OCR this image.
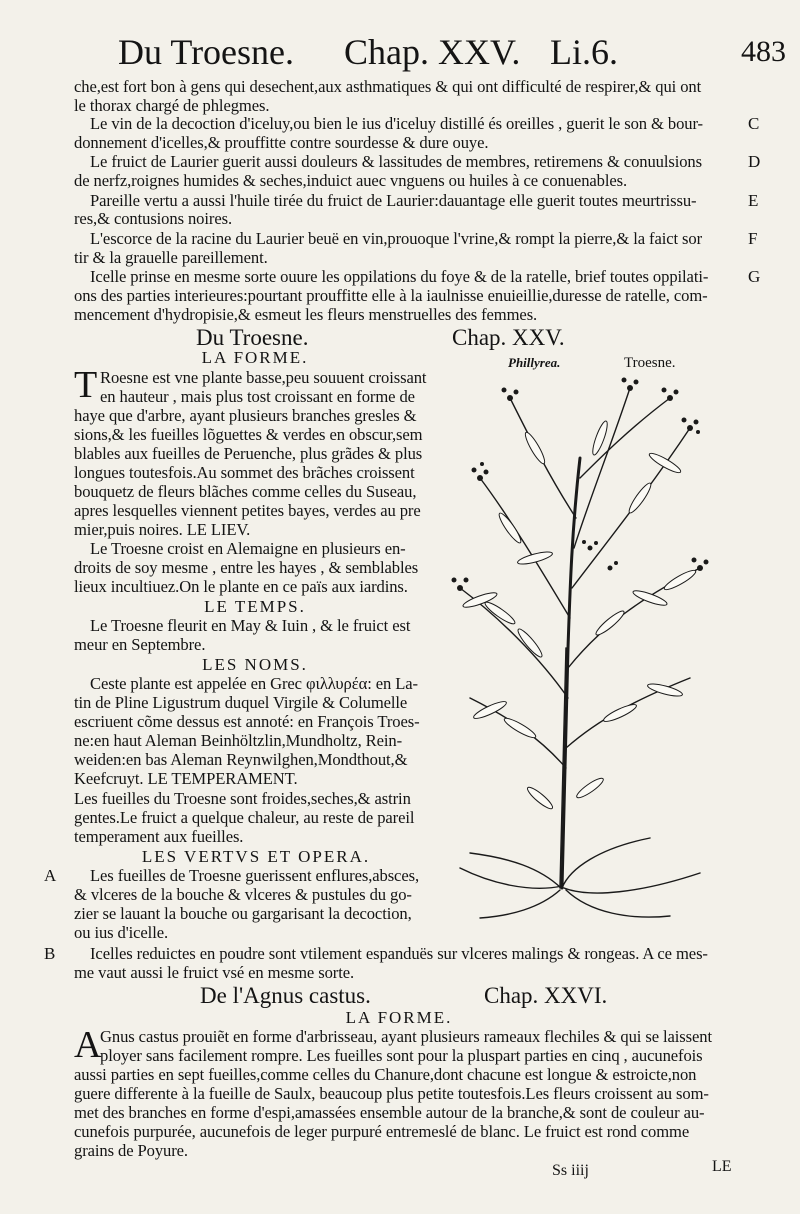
Du Troesne. Chap. XXV. Li.6.	483
che,est fort bon à gens qui desechent,aux asthmatiques & qui ont difficulté de respirer,& qui ont
le thorax chargé de phlegmes.
Le vin de la decoction d'iceluy,ou bien le ius d'iceluy distillé és oreilles , guerit le son & bour-
donnement d'icelles,& prouffitte contre sourdesse & dure ouye.
Le fruict de Laurier guerit aussi douleurs & lassitudes de membres, retiremens & conuulsions
de nerfz,roignes humides & seches,induict auec vnguens ou huiles à ce conuenables.
Pareille vertu a aussi l'huile tirée du fruict de Laurier:dauantage elle guerit toutes meurtrissu-
res,& contusions noires.
L'escorce de la racine du Laurier beuë en vin,prouoque l'vrine,& rompt la pierre,& la faict sor
tir & la grauelle pareillement.
Icelle prinse en mesme sorte ouure les oppilations du foye & de la ratelle, brief toutes oppilati-
ons des parties interieures:pourtant prouffitte elle à la iaulnisse enuieillie,duresse de ratelle, com-
mencement d'hydropisie,& esmeut les fleurs menstruelles des femmes.
C
D
E
F
G
Du Troesne.	Chap. XXV.
Phillyrea.	Troesne.
LA FORME.
T Roesne est vne plante basse,peu souuent croissant
en hauteur , mais plus tost croissant en forme de
haye que d'arbre, ayant plusieurs branches gresles &
sions,& les fueilles lõguettes & verdes en obscur,sem
blables aux fueilles de Peruenche, plus grãdes & plus
longues toutesfois.Au sommet des brãches croissent
bouquetz de fleurs blãches comme celles du Suseau,
apres lesquelles viennent petites bayes, verdes au pre
mier,puis noires. LE LIEV.
Le Troesne croist en Alemaigne en plusieurs en-
droits de soy mesme , entre les hayes , & semblables
lieux incultiuez.On le plante en ce païs aux iardins.
LE TEMPS.
Le Troesne fleurit en May & Iuin , & le fruict est
meur en Septembre.
LES NOMS.
Ceste plante est appelée en Grec φιλλυρέα: en La-
tin de Pline Ligustrum duquel Virgile & Columelle
escriuent cõme dessus est annoté: en François Troes-
ne:en haut Aleman Beinhöltzlin,Mundholtz, Rein-
weiden:en bas Aleman Reynwilghen,Mondthout,&
Keefcruyt. LE TEMPERAMENT.
Les fueilles du Troesne sont froides,seches,& astrin
gentes.Le fruict a quelque chaleur, au reste de pareil
temperament aux fueilles.
LES VERTVS ET OPERA.
A Les fueilles de Troesne guerissent enflures,absces,
& vlceres de la bouche & vlceres & pustules du go-
zier se lauant la bouche ou gargarisant la decoction,
ou ius d'icelle.
B Icelles reduictes en poudre sont vtilement espanduës sur vlceres malings & rongeas. A ce mes-
me vaut aussi le fruict vsé en mesme sorte.
De l'Agnus castus.	Chap. XXVI.
LA FORME.
A
Gnus castus prouiẽt en forme d'arbrisseau, ayant plusieurs rameaux flechiles & qui se laissent
ployer sans facilement rompre. Les fueilles sont pour la pluspart parties en cinq , aucunefois
aussi parties en sept fueilles,comme celles du Chanure,dont chacune est longue & estroicte,non
guere differente à la fueille de Saulx, beaucoup plus petite toutesfois.Les fleurs croissent au som-
met des branches en forme d'espi,amassées ensemble autour de la branche,& sont de couleur au-
cunefois purpurée, aucunefois de leger purpuré entremeslé de blanc. Le fruict est rond comme
grains de Poyure.
Ss iiij	LE
